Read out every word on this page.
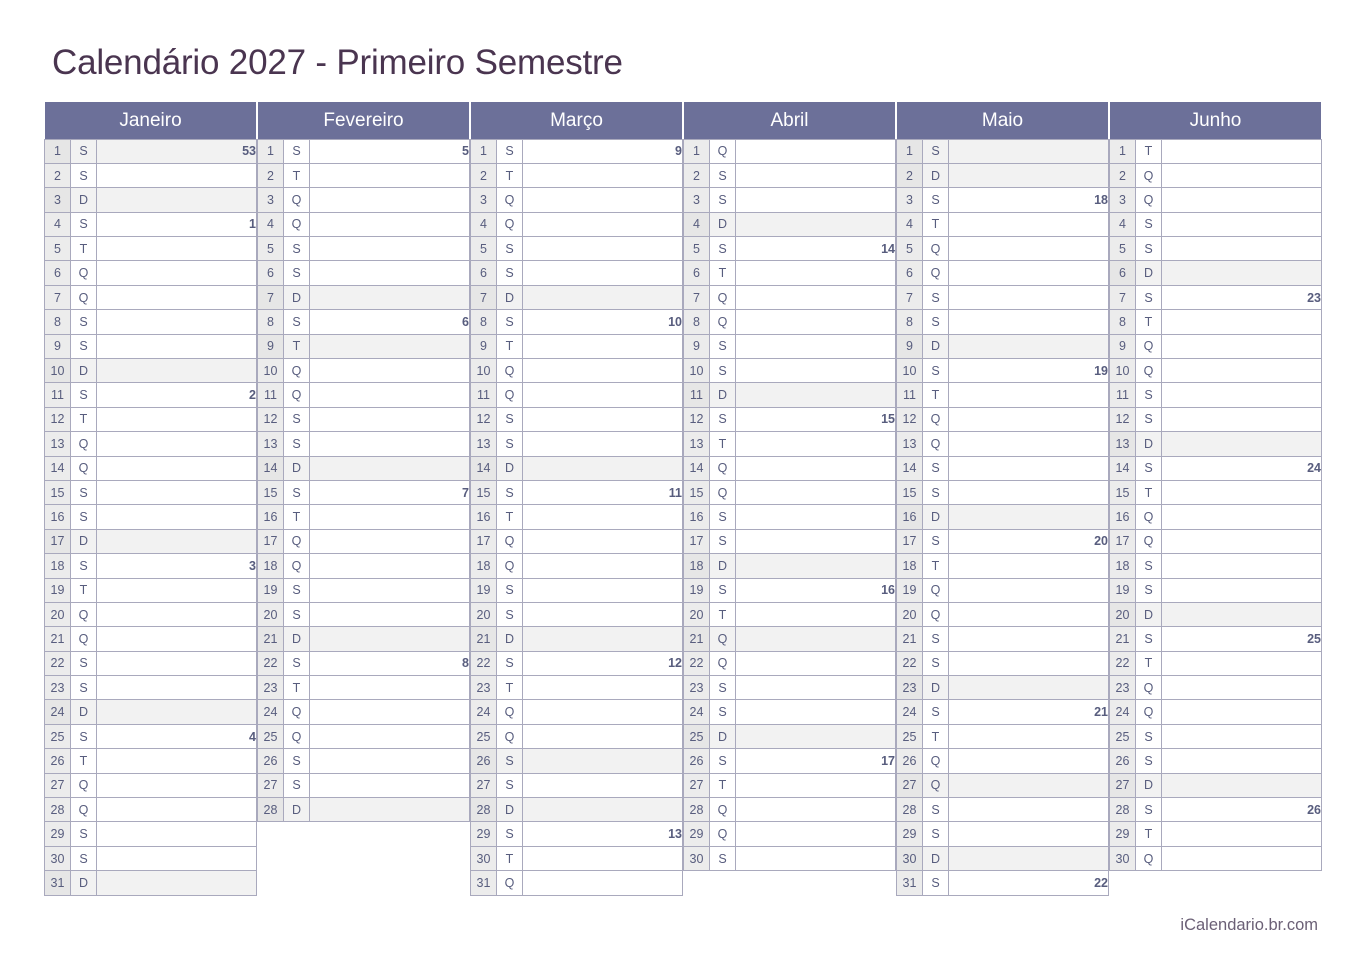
Calendário 2027 - Primeiro Semestre
Janeiro
1	S	53
2	S	
3	D	
4	S	1
5	T	
6	Q	
7	Q	
8	S	
9	S	
10	D	
11	S	2
12	T	
13	Q	
14	Q	
15	S	
16	S	
17	D	
18	S	3
19	T	
20	Q	
21	Q	
22	S	
23	S	
24	D	
25	S	4
26	T	
27	Q	
28	Q	
29	S	
30	S	
31	D	
Fevereiro
1	S	5
2	T	
3	Q	
4	Q	
5	S	
6	S	
7	D	
8	S	6
9	T	
10	Q	
11	Q	
12	S	
13	S	
14	D	
15	S	7
16	T	
17	Q	
18	Q	
19	S	
20	S	
21	D	
22	S	8
23	T	
24	Q	
25	Q	
26	S	
27	S	
28	D	

Março
1	S	9
2	T	
3	Q	
4	Q	
5	S	
6	S	
7	D	
8	S	10
9	T	
10	Q	
11	Q	
12	S	
13	S	
14	D	
15	S	11
16	T	
17	Q	
18	Q	
19	S	
20	S	
21	D	
22	S	12
23	T	
24	Q	
25	Q	
26	S	
27	S	
28	D	
29	S	13
30	T	
31	Q	
Abril
1	Q	
2	S	
3	S	
4	D	
5	S	14
6	T	
7	Q	
8	Q	
9	S	
10	S	
11	D	
12	S	15
13	T	
14	Q	
15	Q	
16	S	
17	S	
18	D	
19	S	16
20	T	
21	Q	
22	Q	
23	S	
24	S	
25	D	
26	S	17
27	T	
28	Q	
29	Q	
30	S	

Maio
1	S	
2	D	
3	S	18
4	T	
5	Q	
6	Q	
7	S	
8	S	
9	D	
10	S	19
11	T	
12	Q	
13	Q	
14	S	
15	S	
16	D	
17	S	20
18	T	
19	Q	
20	Q	
21	S	
22	S	
23	D	
24	S	21
25	T	
26	Q	
27	Q	
28	S	
29	S	
30	D	
31	S	22
Junho
1	T	
2	Q	
3	Q	
4	S	
5	S	
6	D	
7	S	23
8	T	
9	Q	
10	Q	
11	S	
12	S	
13	D	
14	S	24
15	T	
16	Q	
17	Q	
18	S	
19	S	
20	D	
21	S	25
22	T	
23	Q	
24	Q	
25	S	
26	S	
27	D	
28	S	26
29	T	
30	Q	

iCalendario.br.com
